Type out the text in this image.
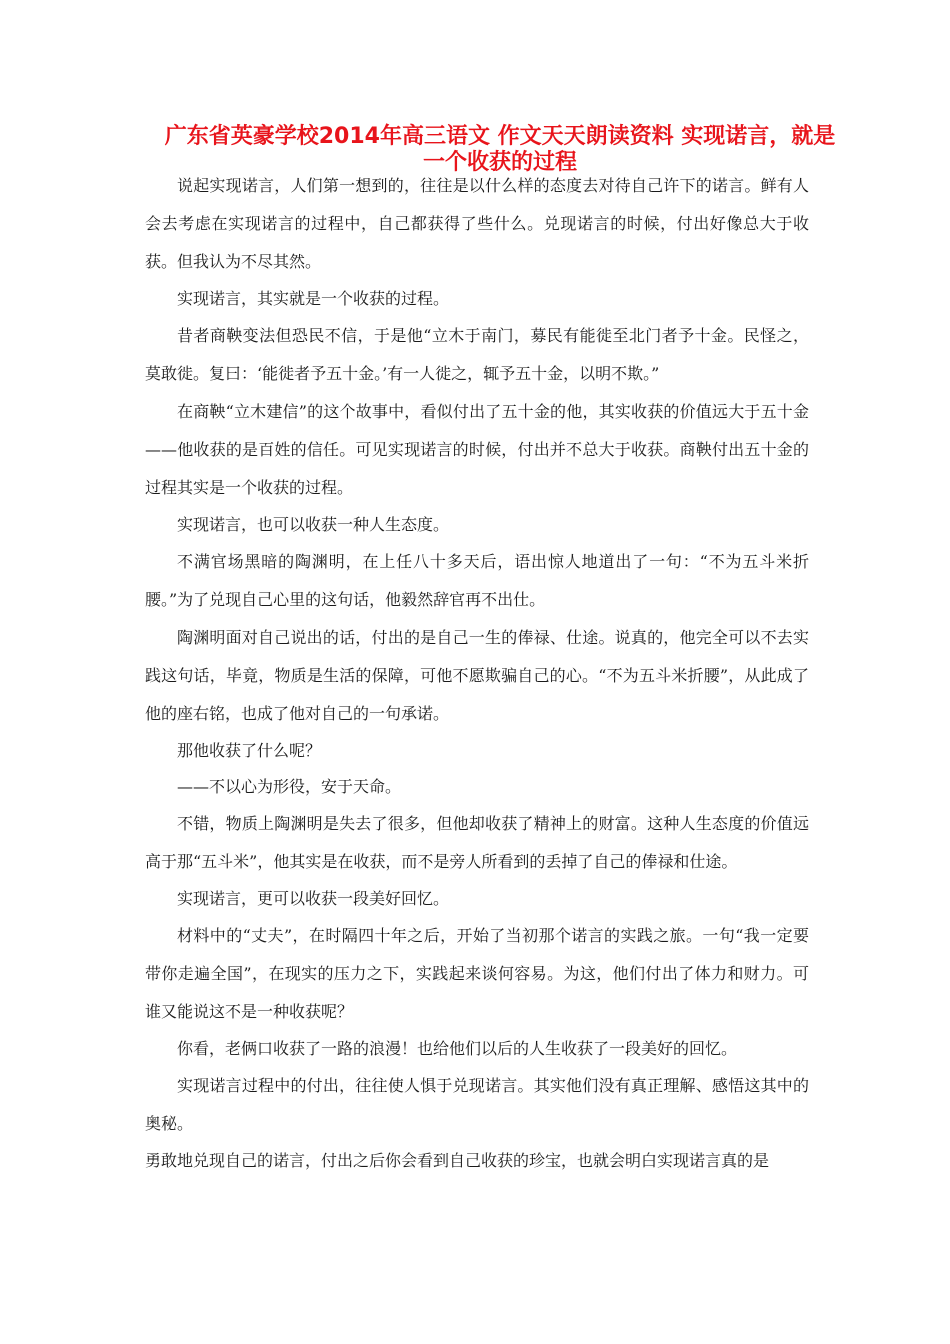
广东省英豪学校2014年高三语文 作文天天朗读资料 实现诺言，就是一个收获的过程

说起实现诺言，人们第一想到的，往往是以什么样的态度去对待自己许下的诺言。鲜有人会去考虑在实现诺言的过程中，自己都获得了些什么。兑现诺言的时候，付出好像总大于收获。但我认为不尽其然。

实现诺言，其实就是一个收获的过程。

昔者商鞅变法但恐民不信，于是他“立木于南门，募民有能徙至北门者予十金。民怪之，莫敢徙。复曰：‘能徙者予五十金。’有一人徙之，辄予五十金，以明不欺。”

在商鞅“立木建信”的这个故事中，看似付出了五十金的他，其实收获的价值远大于五十金——他收获的是百姓的信任。可见实现诺言的时候，付出并不总大于收获。商鞅付出五十金的过程其实是一个收获的过程。

实现诺言，也可以收获一种人生态度。

不满官场黑暗的陶渊明，在上任八十多天后，语出惊人地道出了一句：“不为五斗米折腰。”为了兑现自己心里的这句话，他毅然辞官再不出仕。

陶渊明面对自己说出的话，付出的是自己一生的俸禄、仕途。说真的，他完全可以不去实践这句话，毕竟，物质是生活的保障，可他不愿欺骗自己的心。“不为五斗米折腰”，从此成了他的座右铭，也成了他对自己的一句承诺。

那他收获了什么呢？

——不以心为形役，安于天命。

不错，物质上陶渊明是失去了很多，但他却收获了精神上的财富。这种人生态度的价值远高于那“五斗米”，他其实是在收获，而不是旁人所看到的丢掉了自己的俸禄和仕途。

实现诺言，更可以收获一段美好回忆。

材料中的“丈夫”，在时隔四十年之后，开始了当初那个诺言的实践之旅。一句“我一定要带你走遍全国”，在现实的压力之下，实践起来谈何容易。为这，他们付出了体力和财力。可谁又能说这不是一种收获呢？

你看，老俩口收获了一路的浪漫！也给他们以后的人生收获了一段美好的回忆。

实现诺言过程中的付出，往往使人惧于兑现诺言。其实他们没有真正理解、感悟这其中的奥秘。

勇敢地兑现自己的诺言，付出之后你会看到自己收获的珍宝，也就会明白实现诺言真的是
